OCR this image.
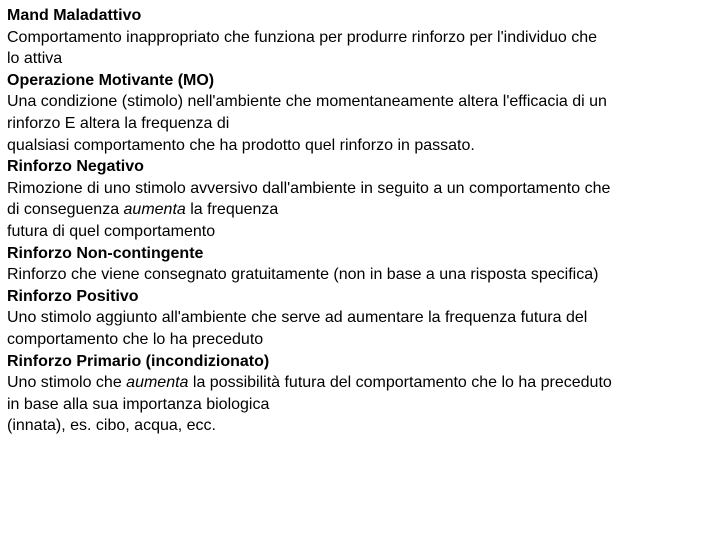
Mand Maladattivo
Comportamento inappropriato che funziona per produrre rinforzo per l'individuo che
lo attiva
Operazione Motivante (MO)
Una condizione (stimolo) nell'ambiente che momentaneamente altera l'efficacia di un
rinforzo E altera la frequenza di
qualsiasi comportamento che ha prodotto quel rinforzo in passato.
Rinforzo Negativo
Rimozione di uno stimolo avversivo dall'ambiente in seguito a un comportamento che
di conseguenza aumenta la frequenza
futura di quel comportamento
Rinforzo Non-contingente
Rinforzo che viene consegnato gratuitamente (non in base a una risposta specifica)
Rinforzo Positivo
Uno stimolo aggiunto all'ambiente che serve ad aumentare la frequenza futura del
comportamento che lo ha preceduto
Rinforzo Primario (incondizionato)
Uno stimolo che aumenta la possibilità futura del comportamento che lo ha preceduto
in base alla sua importanza biologica
(innata), es. cibo, acqua, ecc.
